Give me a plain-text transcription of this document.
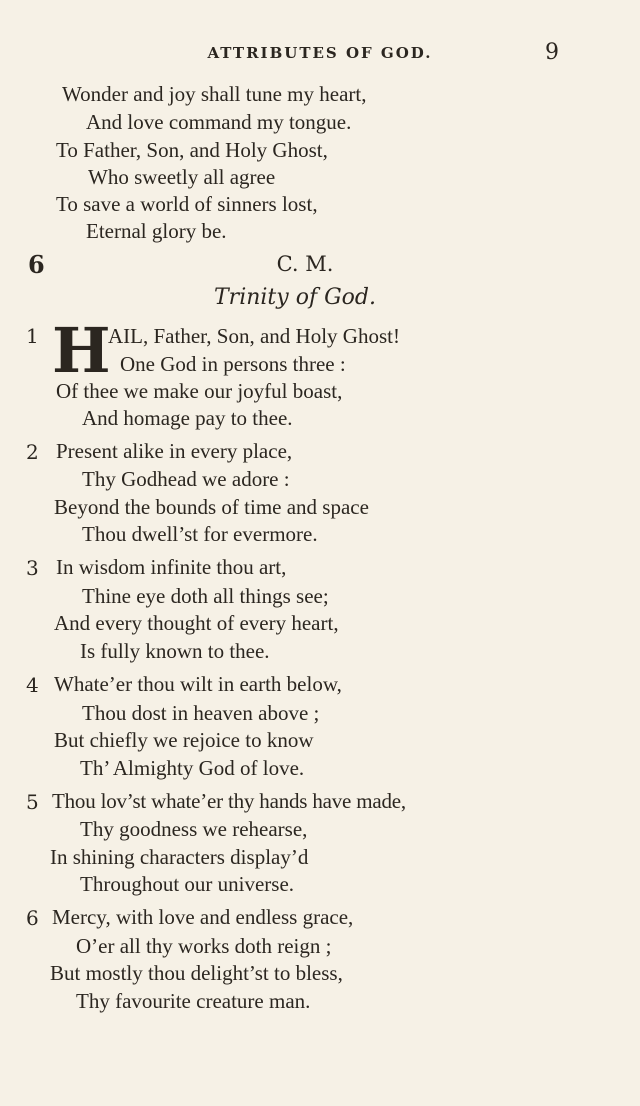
ATTRIBUTES OF GOD.	9
Wonder and joy shall tune my heart,
And love command my tongue.
To Father, Son, and Holy Ghost,
Who sweetly all agree
To save a world of sinners lost,
Eternal glory be.
6	C. M.
Trinity of God.
1 H
AIL, Father, Son, and Holy Ghost!
One God in persons three :
Of thee we make our joyful boast,
And homage pay to thee.
2 Present alike in every place,
Thy Godhead we adore :
Beyond the bounds of time and space
Thou dwell’st for evermore.
3 In wisdom infinite thou art,
Thine eye doth all things see;
And every thought of every heart,
Is fully known to thee.
4 Whate’er thou wilt in earth below,
Thou dost in heaven above ;
But chiefly we rejoice to know
Th’ Almighty God of love.
5 Thou lov’st whate’er thy hands have made,
Thy goodness we rehearse,
In shining characters display’d
Throughout our universe.
6 Mercy, with love and endless grace,
O’er all thy works doth reign ;
But mostly thou delight’st to bless,
Thy favourite creature man.
